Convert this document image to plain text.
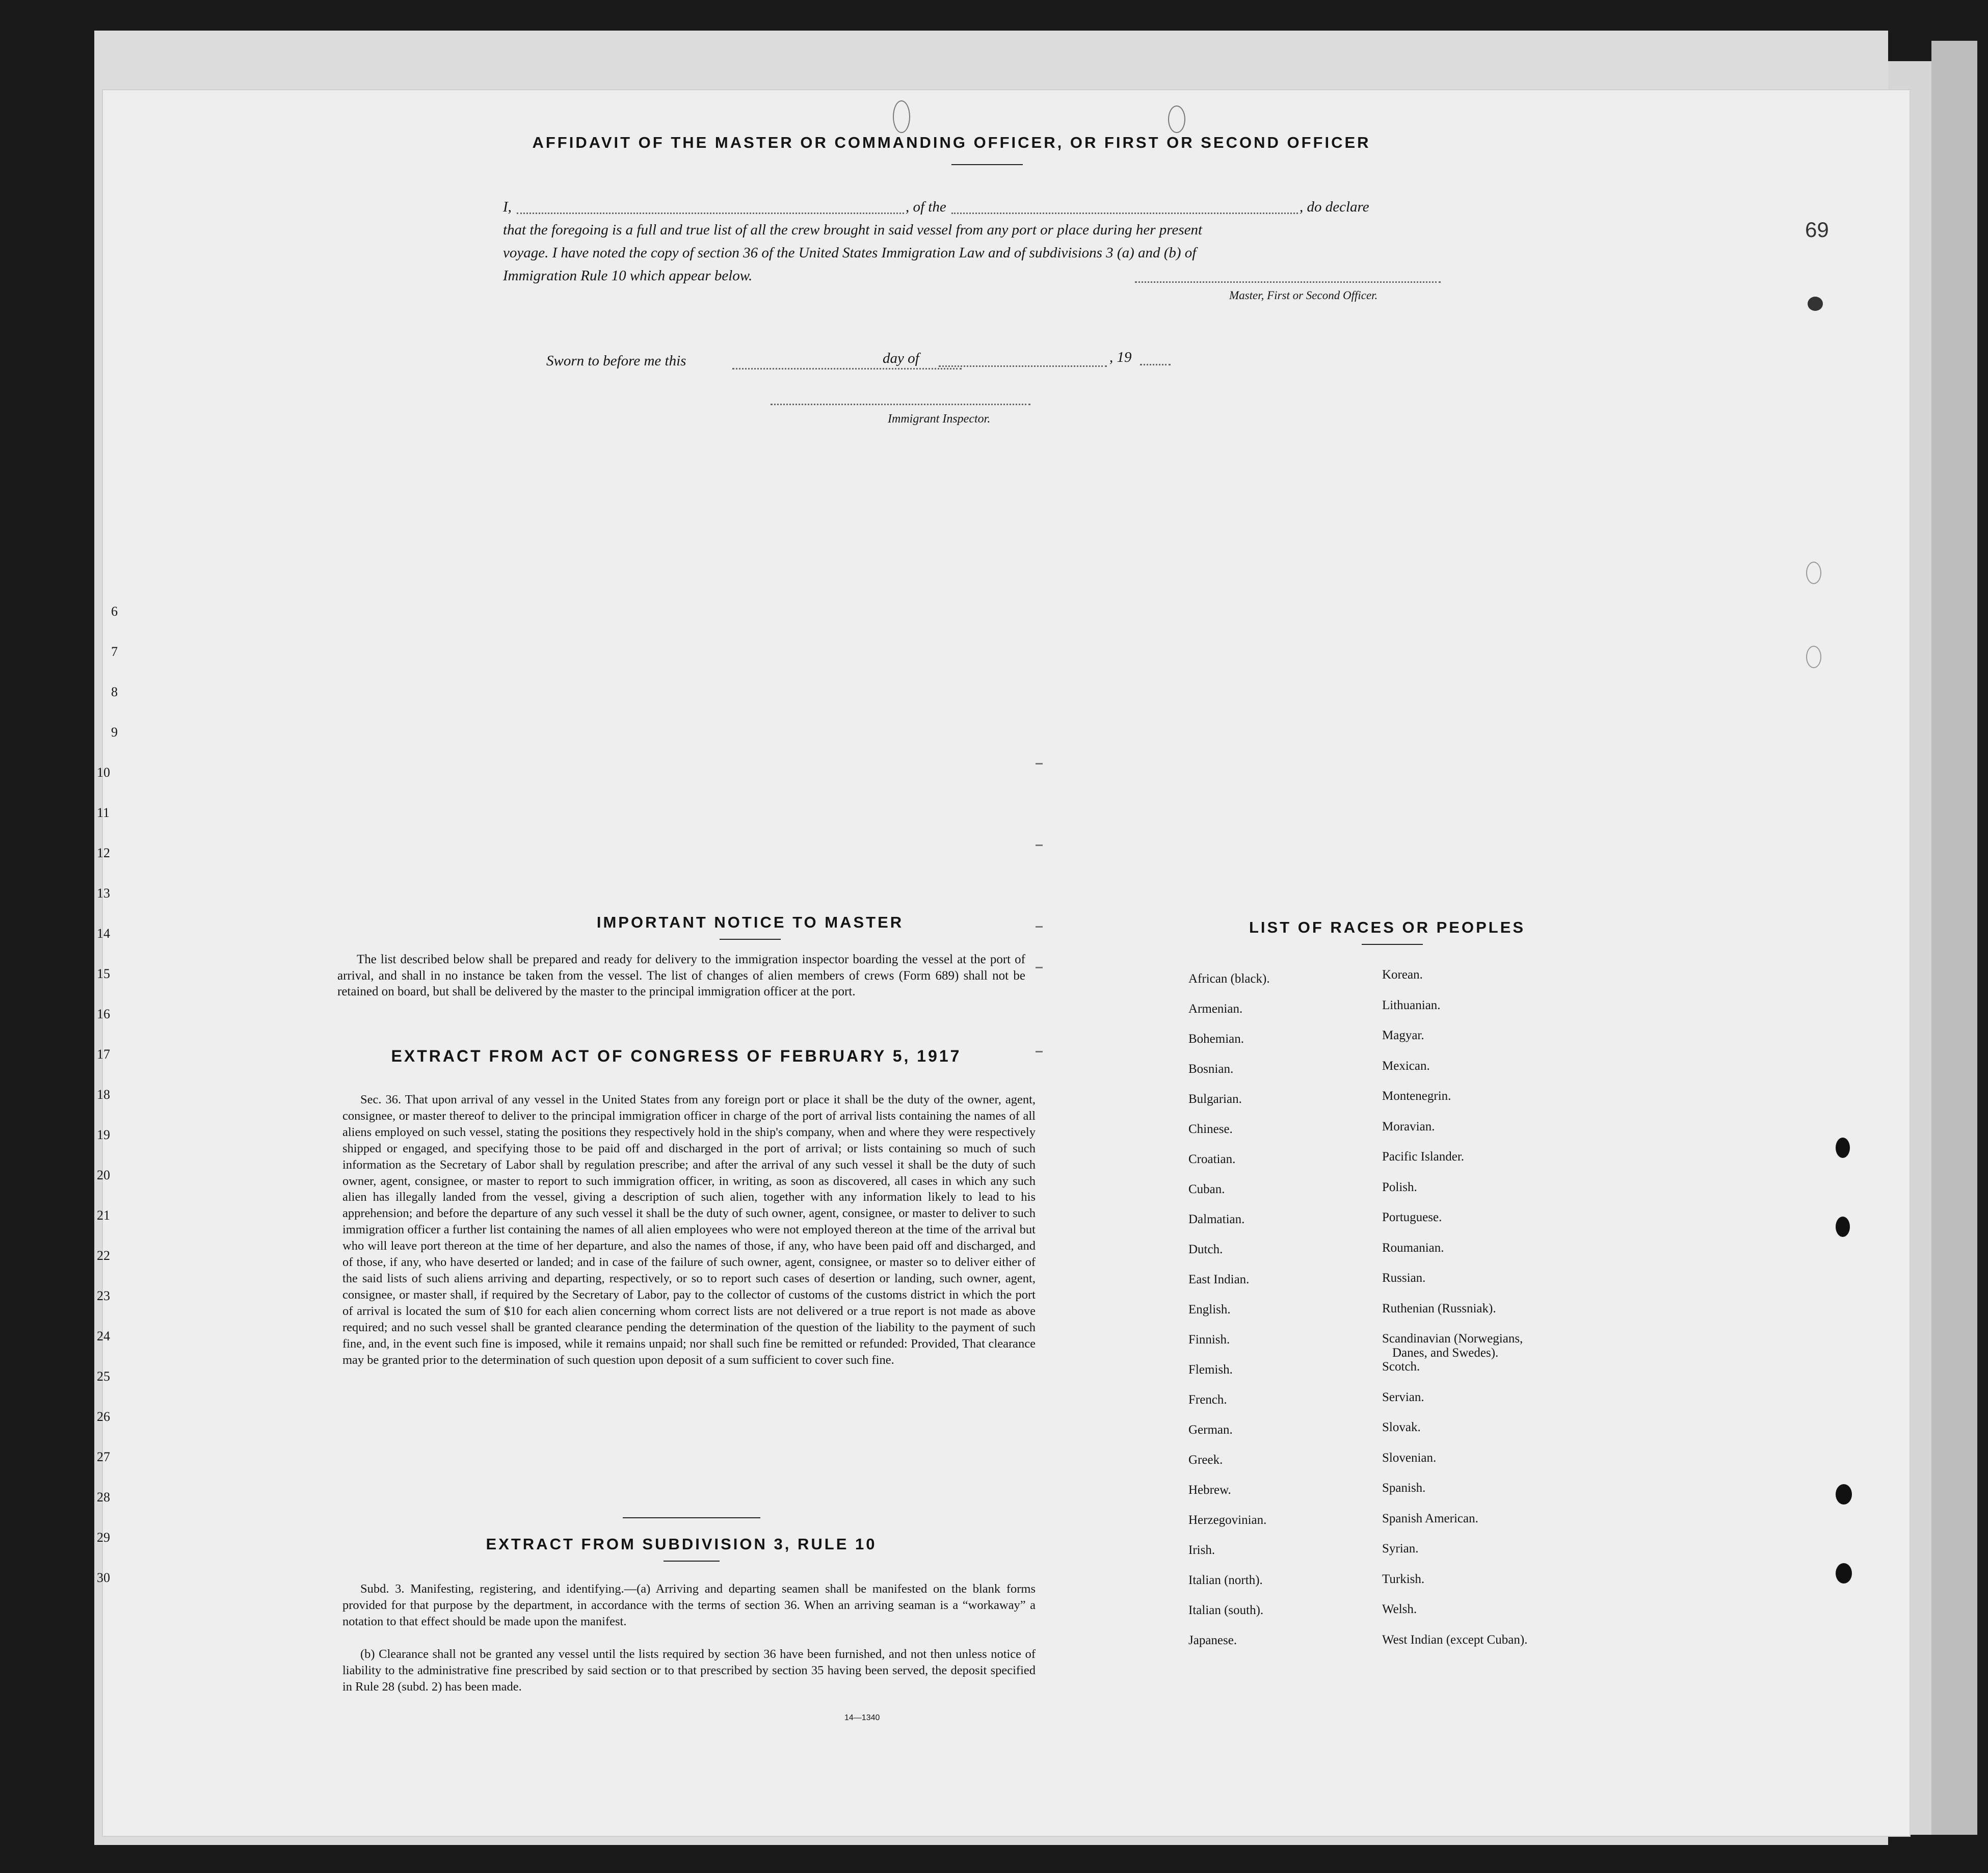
69
AFFIDAVIT OF THE MASTER OR COMMANDING OFFICER, OR FIRST OR SECOND OFFICER
I,	, of the	, do declare
that the foregoing is a full and true list of all the crew brought in said vessel from any port or place during her present
voyage. I have noted the copy of section 36 of the United States Immigration Law and of subdivisions 3 (a) and (b) of
Immigration Rule 10 which appear below.
Master, First or Second Officer.
Sworn to before me this	day of	, 19
Immigrant Inspector.
IMPORTANT NOTICE TO MASTER
The list described below shall be prepared and ready for delivery to the immigration inspector boarding the vessel at the port of arrival, and shall in no instance be taken from the vessel. The list of changes of alien members of crews (Form 689) shall not be retained on board, but shall be delivered by the master to the principal immigration officer at the port.
EXTRACT FROM ACT OF CONGRESS OF FEBRUARY 5, 1917
Sec. 36. That upon arrival of any vessel in the United States from any foreign port or place it shall be the duty of the owner, agent, consignee, or master thereof to deliver to the principal immigration officer in charge of the port of arrival lists containing the names of all aliens employed on such vessel, stating the positions they respectively hold in the ship's company, when and where they were respectively shipped or engaged, and specifying those to be paid off and discharged in the port of arrival; or lists containing so much of such information as the Secretary of Labor shall by regulation prescribe; and after the arrival of any such vessel it shall be the duty of such owner, agent, consignee, or master to report to such immigration officer, in writing, as soon as discovered, all cases in which any such alien has illegally landed from the vessel, giving a description of such alien, together with any information likely to lead to his apprehension; and before the departure of any such vessel it shall be the duty of such owner, agent, consignee, or master to deliver to such immigration officer a further list containing the names of all alien employees who were not employed thereon at the time of the arrival but who will leave port thereon at the time of her departure, and also the names of those, if any, who have been paid off and discharged, and of those, if any, who have deserted or landed; and in case of the failure of such owner, agent, consignee, or master so to deliver either of the said lists of such aliens arriving and departing, respectively, or so to report such cases of desertion or landing, such owner, agent, consignee, or master shall, if required by the Secretary of Labor, pay to the collector of customs of the customs district in which the port of arrival is located the sum of $10 for each alien concerning whom correct lists are not delivered or a true report is not made as above required; and no such vessel shall be granted clearance pending the determination of the question of the liability to the payment of such fine, and, in the event such fine is imposed, while it remains unpaid; nor shall such fine be remitted or refunded: Provided, That clearance may be granted prior to the determination of such question upon deposit of a sum sufficient to cover such fine.
EXTRACT FROM SUBDIVISION 3, RULE 10
Subd. 3. Manifesting, registering, and identifying.—(a) Arriving and departing seamen shall be manifested on the blank forms provided for that purpose by the department, in accordance with the terms of section 36. When an arriving seaman is a “workaway” a notation to that effect should be made upon the manifest.
(b) Clearance shall not be granted any vessel until the lists required by section 36 have been furnished, and not then unless notice of liability to the administrative fine prescribed by said section or to that prescribed by section 35 having been served, the deposit specified in Rule 28 (subd. 2) has been made.
14—1340
LIST OF RACES OR PEOPLES
African (black).
Armenian.
Bohemian.
Bosnian.
Bulgarian.
Chinese.
Croatian.
Cuban.
Dalmatian.
Dutch.
East Indian.
English.
Finnish.
Flemish.
French.
German.
Greek.
Hebrew.
Herzegovinian.
Irish.
Italian (north).
Italian (south).
Japanese.
Korean.
Lithuanian.
Magyar.
Mexican.
Montenegrin.
Moravian.
Pacific Islander.
Polish.
Portuguese.
Roumanian.
Russian.
Ruthenian (Russniak).
Scandinavian (Norwegians,
Danes, and Swedes).
Scotch.
Servian.
Slovak.
Slovenian.
Spanish.
Spanish American.
Syrian.
Turkish.
Welsh.
West Indian (except Cuban).
6
7
8
9
10
11
12
13
14
15
16
17
18
19
20
21
22
23
24
25
26
27
28
29
30
